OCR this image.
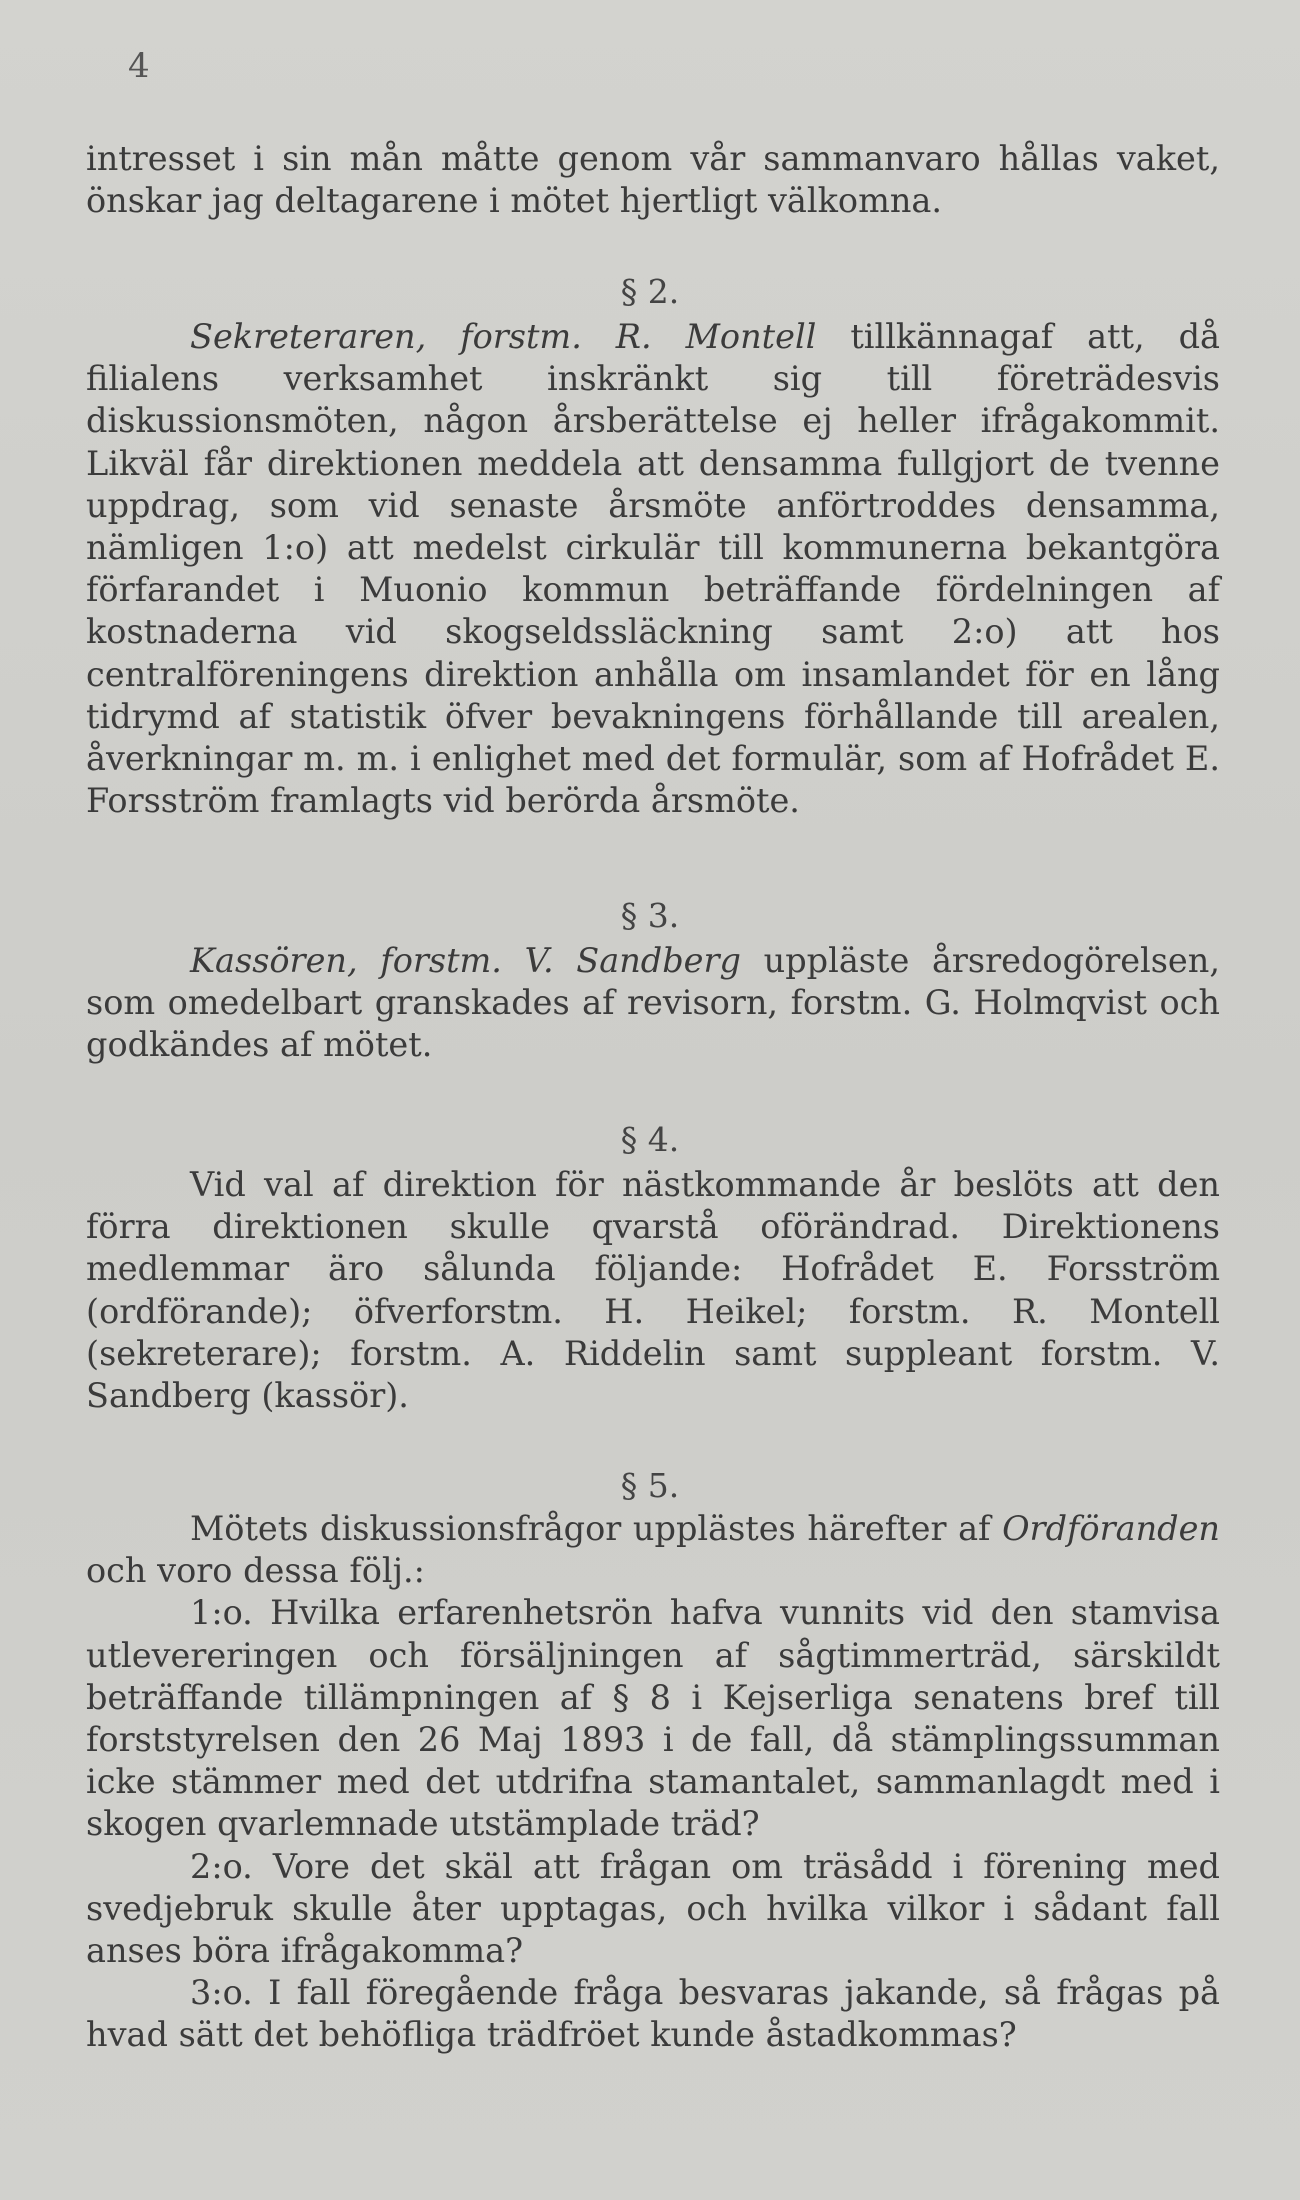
4

intresset i sin mån måtte genom vår sammanvaro hållas vaket, önskar jag deltagarene i mötet hjertligt välkomna.

§ 2.

Sekreteraren, forstm. R. Montell tillkännagaf att, då filialens verksamhet inskränkt sig till företrädesvis diskussionsmöten, någon årsberättelse ej heller ifrågakommit. Likväl får direktionen meddela att densamma fullgjort de tvenne uppdrag, som vid senaste årsmöte anförtroddes densamma, nämligen 1:o) att medelst cirkulär till kommunerna bekantgöra förfarandet i Muonio kommun beträffande fördelningen af kostnaderna vid skogseldssläckning samt 2:o) att hos centralföreningens direktion anhålla om insamlandet för en lång tidrymd af statistik öfver bevakningens förhållande till arealen, åverkningar m. m. i enlighet med det formulär, som af Hofrådet E. Forsström framlagts vid berörda årsmöte.

§ 3.

Kassören, forstm. V. Sandberg uppläste årsredogörelsen, som omedelbart granskades af revisorn, forstm. G. Holmqvist och godkändes af mötet.

§ 4.

Vid val af direktion för nästkommande år beslöts att den förra direktionen skulle qvarstå oförändrad. Direktionens medlemmar äro sålunda följande: Hofrådet E. Forsström (ordförande); öfverforstm. H. Heikel; forstm. R. Montell (sekreterare); forstm. A. Riddelin samt suppleant forstm. V. Sandberg (kassör).

§ 5.

Mötets diskussionsfrågor upplästes härefter af Ordföranden och voro dessa följ.:

1:o. Hvilka erfarenhetsrön hafva vunnits vid den stamvisa utlevereringen och försäljningen af sågtimmerträd, särskildt beträffande tillämpningen af § 8 i Kejserliga senatens bref till forststyrelsen den 26 Maj 1893 i de fall, då stämplingssumman icke stämmer med det utdrifna stamantalet, sammanlagdt med i skogen qvarlemnade utstämplade träd?

2:o. Vore det skäl att frågan om träsådd i förening med svedjebruk skulle åter upptagas, och hvilka vilkor i sådant fall anses böra ifrågakomma?

3:o. I fall föregående fråga besvaras jakande, så frågas på hvad sätt det behöfliga trädfröet kunde åstadkommas?
